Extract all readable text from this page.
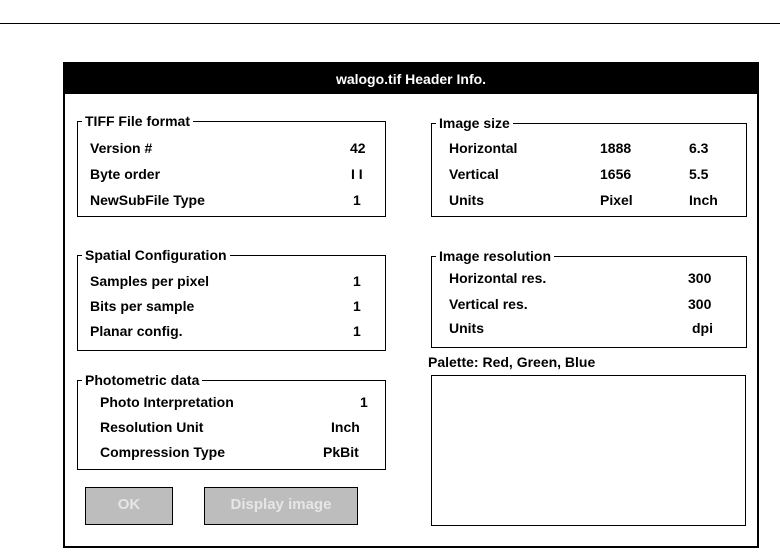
walogo.tif Header Info.
TIFF File format
Version #	42
Byte order	I I
NewSubFile Type	1
Spatial Configuration
Samples per pixel	1
Bits per sample	1
Planar config.	1
Photometric data
Photo Interpretation	1
Resolution Unit	Inch
Compression Type	PkBit
Image size
Horizontal	1888	6.3
Vertical	1656	5.5
Units	Pixel	Inch
Image resolution
Horizontal res.	300
Vertical res.	300
Units	dpi
Palette: Red, Green, Blue
OK	Display image
